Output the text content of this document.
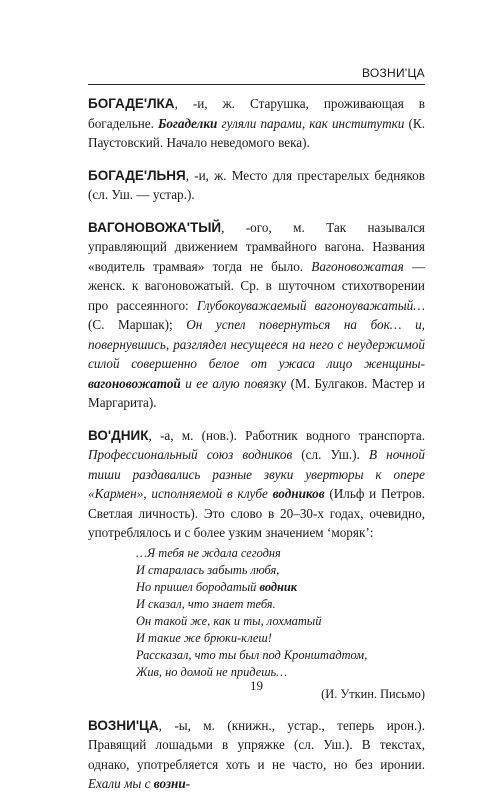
ВОЗНИ'ЦА

БОГАДЕ'ЛКА, -и, ж. Старушка, проживающая в богадельне. Богаделки гуляли парами, как институтки (К. Паустовский. Начало неведомого века).

БОГАДЕ'ЛЬНЯ, -и, ж. Место для престарелых бедняков (сл. Уш. — устар.).

ВАГОНОВОЖА'ТЫЙ, -ого, м. Так назывался управляющий движением трамвайного вагона. Названия «водитель трамвая» тогда не было. Вагоновожатая — женск. к вагоновожатый. Ср. в шуточном стихотворении про рассеянного: Глубокоуважаемый вагоноуважатый… (С. Маршак); Он успел повернуться на бок… и, повернувшись, разглядел несущееся на него с неудержимой силой совершенно белое от ужаса лицо женщины-вагоновожатой и ее алую повязку (М. Булгаков. Мастер и Маргарита).

ВО'ДНИК, -а, м. (нов.). Работник водного транспорта. Профессиональный союз водников (сл. Уш.). В ночной тиши раздавались разные звуки увертюры к опере «Кармен», исполняемой в клубе водников (Ильф и Петров. Светлая личность). Это слово в 20–30-х годах, очевидно, употреблялось и с более узким значением ‘моряк’:
…Я тебя не ждала сегодня
И старалась забыть любя,
Но пришел бородатый водник
И сказал, что знает тебя.
Он такой же, как и ты, лохматый
И такие же брюки-клеш!
Рассказал, что ты был под Кронштадтом,
Жив, но домой не придешь…
(И. Уткин. Письмо)

ВОЗНИ'ЦА, -ы, м. (книжн., устар., теперь ирон.). Правящий лошадьми в упряжке (сл. Уш.). В текстах, однако, употребляется хоть и не часто, но без иронии. Ехали мы с возни-

19
